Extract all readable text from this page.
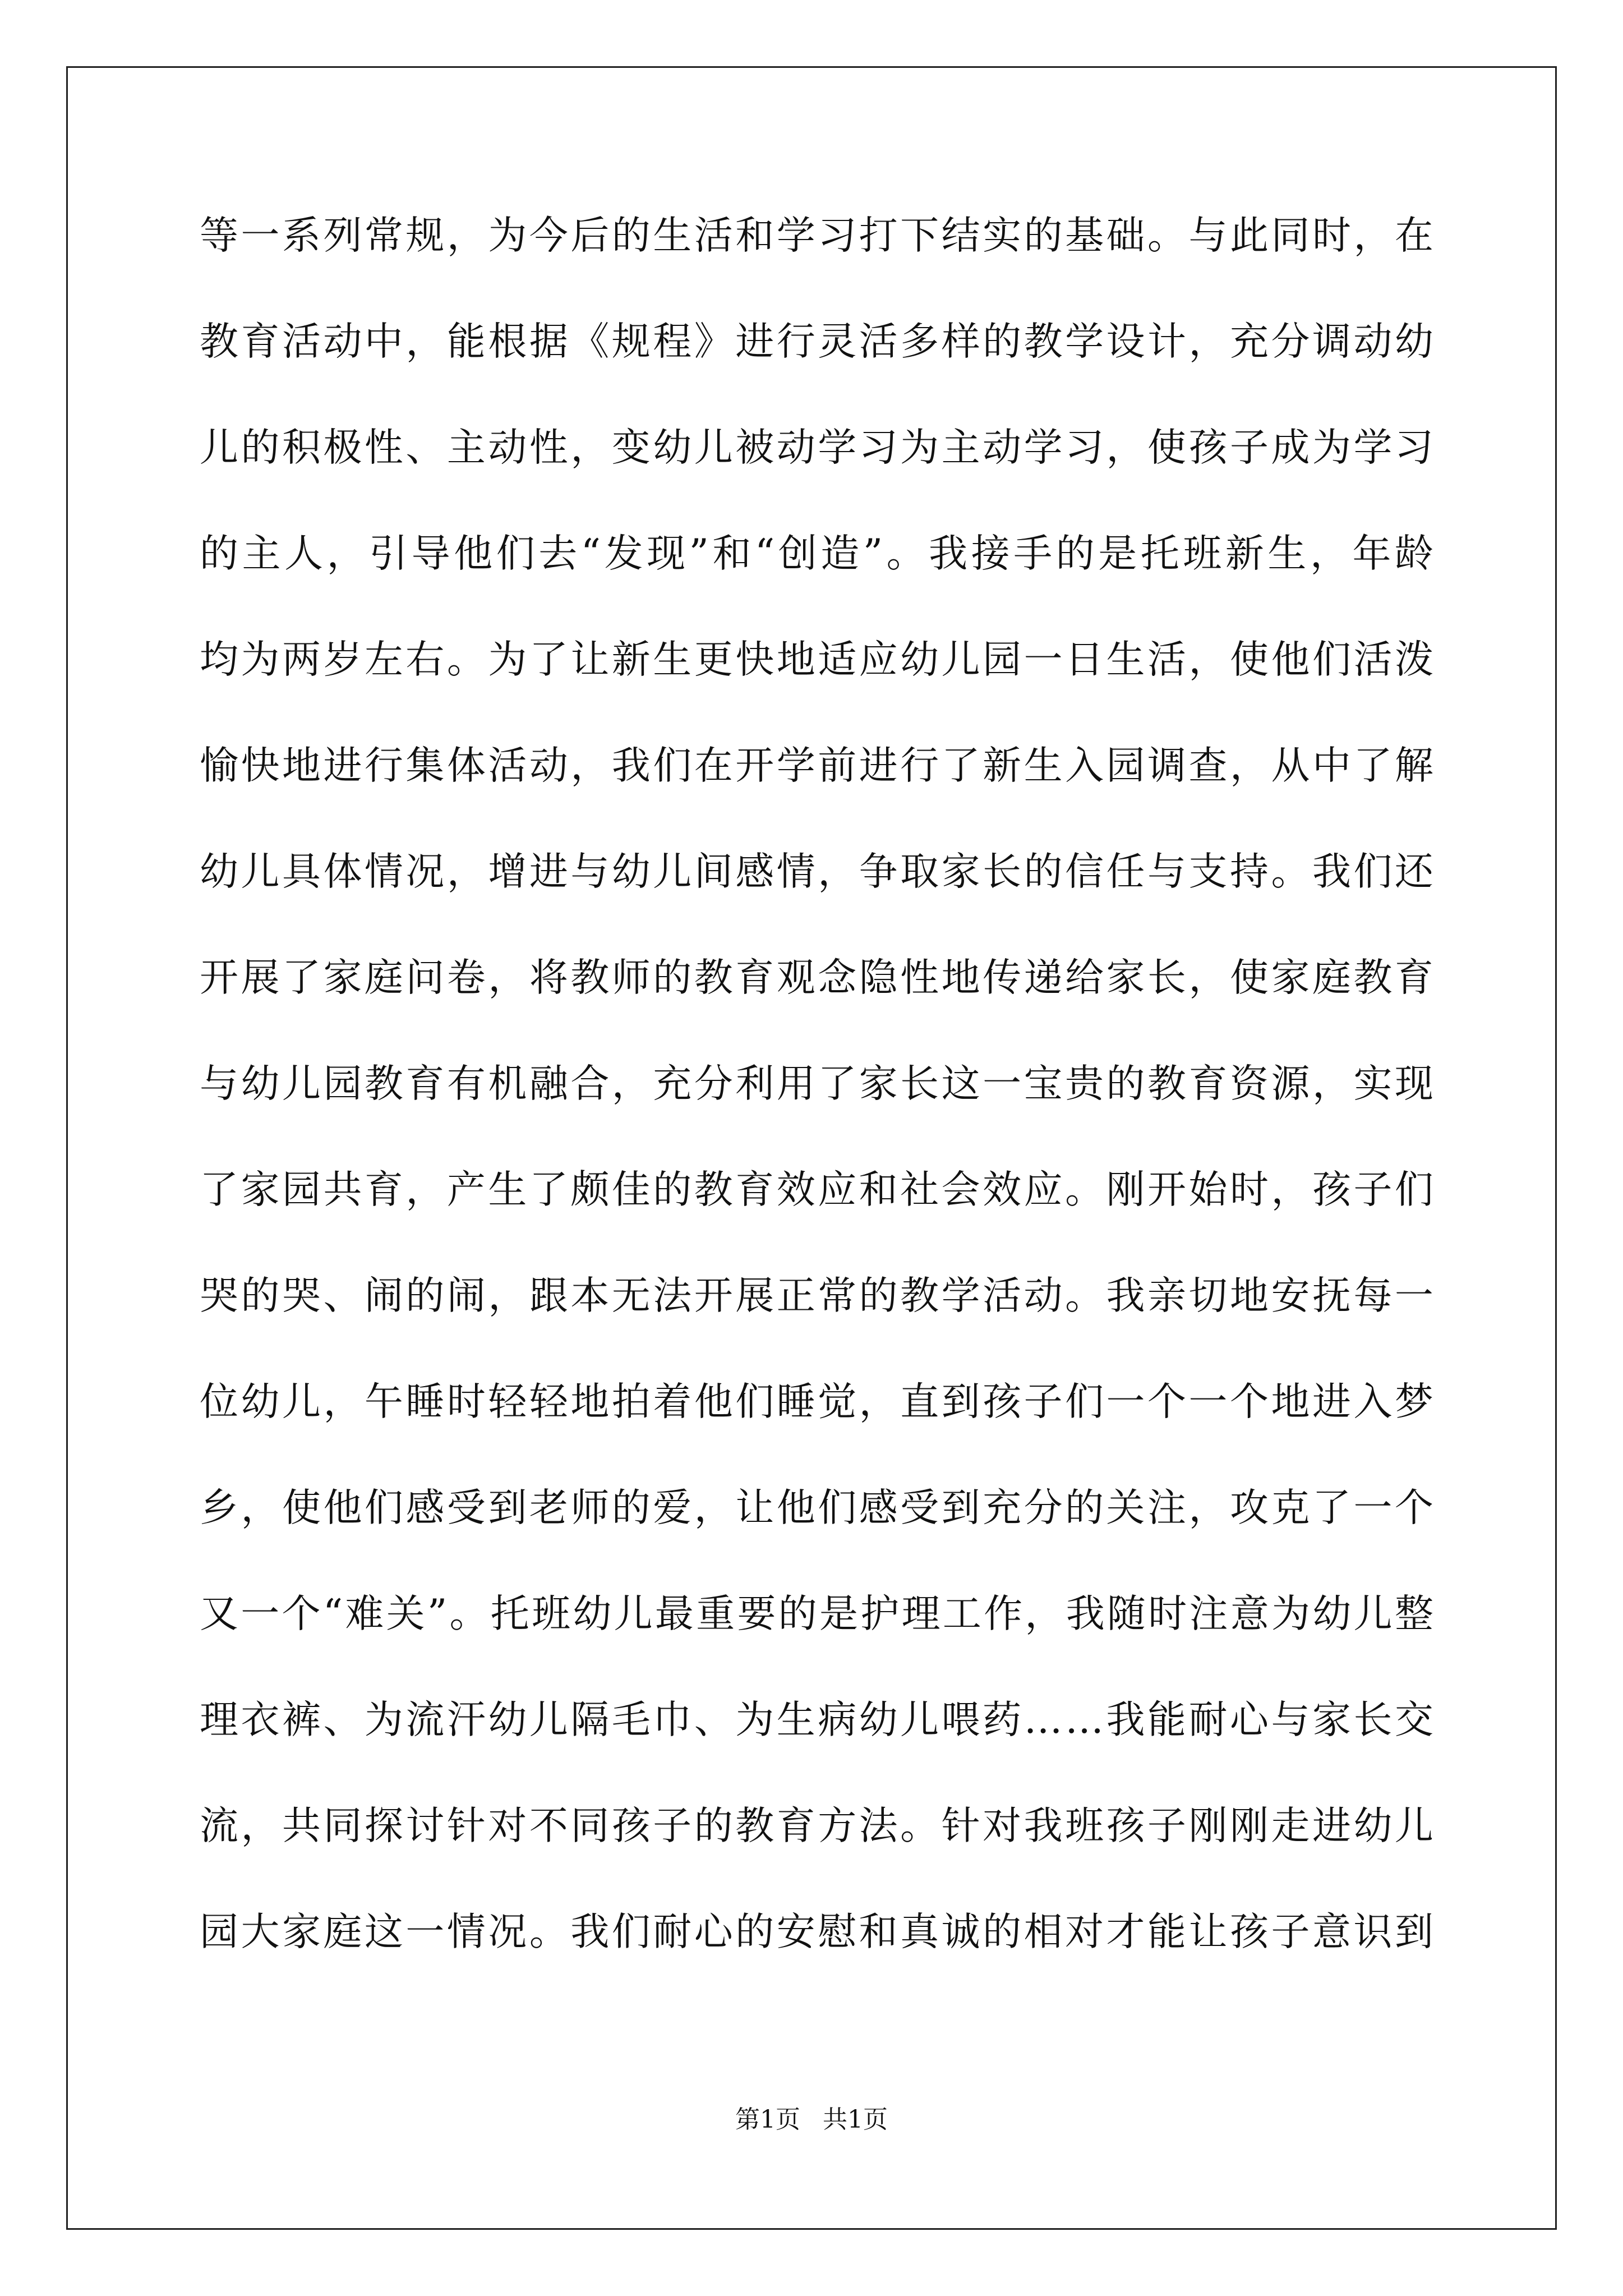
等一系列常规，为今后的生活和学习打下结实的基础。与此同时，在
教育活动中，能根据《规程》进行灵活多样的教学设计，充分调动幼
儿的积极性、主动性，变幼儿被动学习为主动学习，使孩子成为学习
的主人，引导他们去“发现”和“创造”。我接手的是托班新生，年龄
均为两岁左右。为了让新生更快地适应幼儿园一日生活，使他们活泼
愉快地进行集体活动，我们在开学前进行了新生入园调查，从中了解
幼儿具体情况，增进与幼儿间感情，争取家长的信任与支持。我们还
开展了家庭问卷，将教师的教育观念隐性地传递给家长，使家庭教育
与幼儿园教育有机融合，充分利用了家长这一宝贵的教育资源，实现
了家园共育，产生了颇佳的教育效应和社会效应。刚开始时，孩子们
哭的哭、闹的闹，跟本无法开展正常的教学活动。我亲切地安抚每一
位幼儿，午睡时轻轻地拍着他们睡觉，直到孩子们一个一个地进入梦
乡，使他们感受到老师的爱，让他们感受到充分的关注，攻克了一个
又一个“难关”。托班幼儿最重要的是护理工作，我随时注意为幼儿整
理衣裤、为流汗幼儿隔毛巾、为生病幼儿喂药……我能耐心与家长交
流，共同探讨针对不同孩子的教育方法。针对我班孩子刚刚走进幼儿
园大家庭这一情况。我们耐心的安慰和真诚的相对才能让孩子意识到
第1页 共1页
